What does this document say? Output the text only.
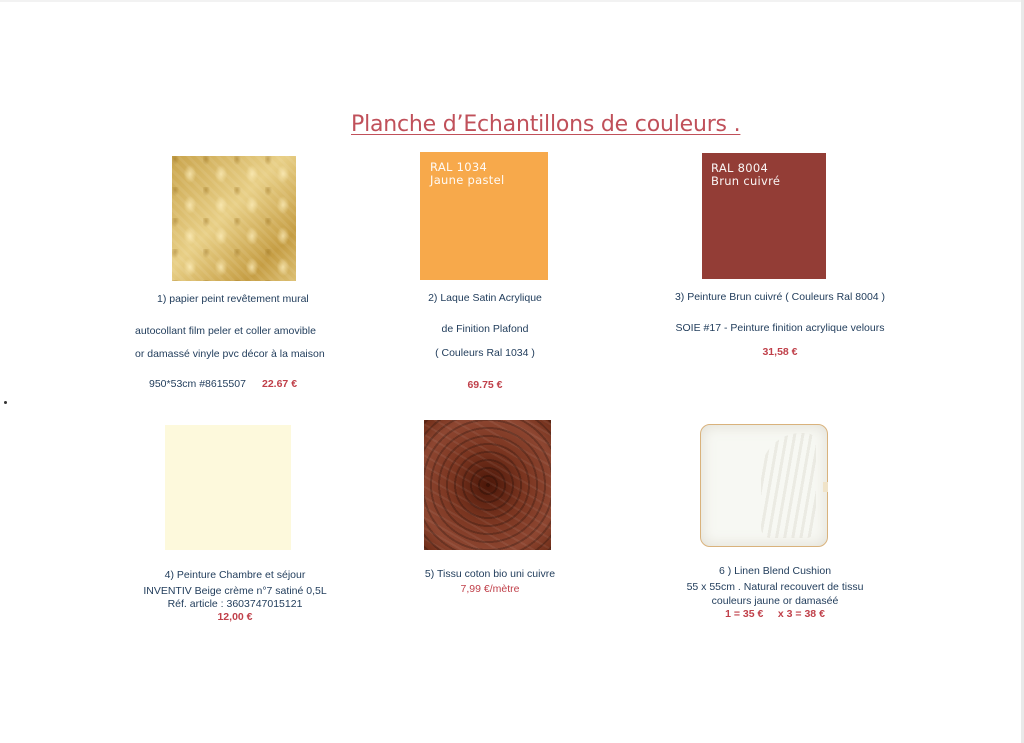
Planche d’Echantillons de couleurs .
1) papier peint revêtement mural
autocollant film peler et coller amovible
or damassé vinyle pvc décor à la maison
950*53cm #8615507 22.67 €
RAL 1034
Jaune pastel
2) Laque Satin Acrylique
de Finition Plafond
( Couleurs Ral 1034 )
69.75 €
RAL 8004
Brun cuivré
3) Peinture Brun cuivré ( Couleurs Ral 8004 )
SOIE #17 - Peinture finition acrylique velours
31,58 €
4) Peinture Chambre et séjour
INVENTIV Beige crème n°7 satiné 0,5L
Réf. article : 3603747015121
12,00 €
5) Tissu coton bio uni cuivre
7,99 €/mètre
6 ) Linen Blend Cushion
55 x 55cm . Natural recouvert de tissu
couleurs jaune or damaséé
1 = 35 €     x 3 = 38 €
